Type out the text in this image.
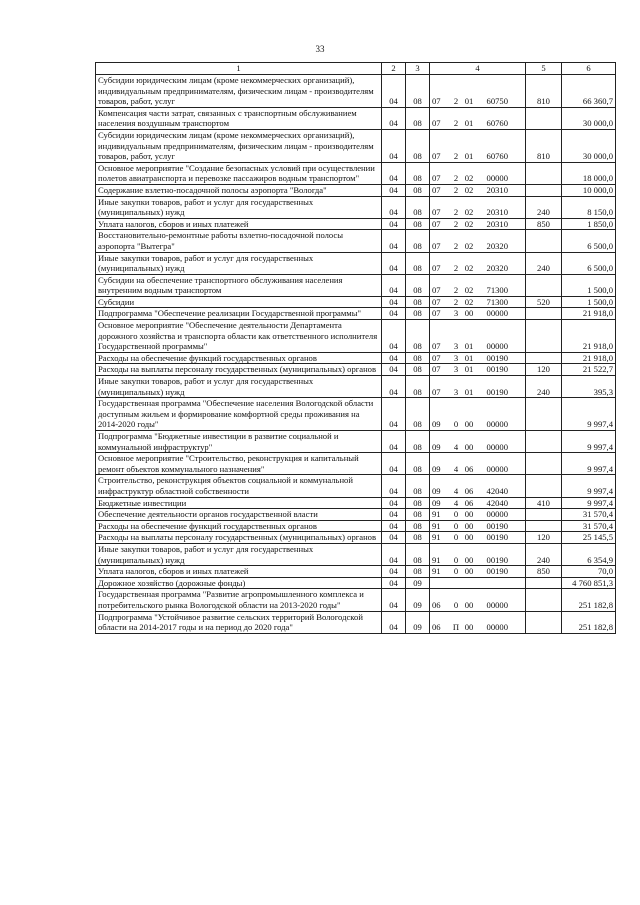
33
1	2	3	4	5	6
Субсидии юридическим лицам (кроме некоммерческих организаций), индивидуальным предпринимателям, физическим лицам - производителям товаров, работ, услуг	04	08	07 2 01 60750	810	66 360,7
Компенсация части затрат, связанных с транспортным обслуживанием населения воздушным транспортом	04	08	07 2 01 60760		30 000,0
Субсидии юридическим лицам (кроме некоммерческих организаций), индивидуальным предпринимателям, физическим лицам - производителям товаров, работ, услуг	04	08	07 2 01 60760	810	30 000,0
Основное мероприятие "Создание безопасных условий при осуществлении полетов авиатранспорта и перевозке пассажиров водным транспортом"	04	08	07 2 02 00000		18 000,0
Содержание взлетно-посадочной полосы аэропорта "Вологда"	04	08	07 2 02 20310		10 000,0
Иные закупки товаров, работ и услуг для государственных (муниципальных) нужд	04	08	07 2 02 20310	240	8 150,0
Уплата налогов, сборов и иных платежей	04	08	07 2 02 20310	850	1 850,0
Восстановительно-ремонтные работы взлетно-посадочной полосы аэропорта "Вытегра"	04	08	07 2 02 20320		6 500,0
Иные закупки товаров, работ и услуг для государственных (муниципальных) нужд	04	08	07 2 02 20320	240	6 500,0
Субсидии на обеспечение транспортного обслуживания населения внутренним водным транспортом	04	08	07 2 02 71300		1 500,0
Субсидии	04	08	07 2 02 71300	520	1 500,0
Подпрограмма "Обеспечение реализации Государственной программы"	04	08	07 3 00 00000		21 918,0
Основное мероприятие "Обеспечение деятельности Департамента дорожного хозяйства и транспорта области как ответственного исполнителя Государственной программы"	04	08	07 3 01 00000		21 918,0
Расходы на обеспечение функций государственных органов	04	08	07 3 01 00190		21 918,0
Расходы на выплаты персоналу государственных (муниципальных) органов	04	08	07 3 01 00190	120	21 522,7
Иные закупки товаров, работ и услуг для государственных (муниципальных) нужд	04	08	07 3 01 00190	240	395,3
Государственная программа "Обеспечение населения Вологодской области доступным жильем и формирование комфортной среды проживания на 2014-2020 годы"	04	08	09 0 00 00000		9 997,4
Подпрограмма "Бюджетные инвестиции в развитие социальной и коммунальной инфраструктур"	04	08	09 4 00 00000		9 997,4
Основное мероприятие "Строительство, реконструкция и капитальный ремонт объектов коммунального назначения"	04	08	09 4 06 00000		9 997,4
Строительство, реконструкция объектов социальной и коммунальной инфраструктур областной собственности	04	08	09 4 06 42040		9 997,4
Бюджетные инвестиции	04	08	09 4 06 42040	410	9 997,4
Обеспечение деятельности органов государственной власти	04	08	91 0 00 00000		31 570,4
Расходы на обеспечение функций государственных органов	04	08	91 0 00 00190		31 570,4
Расходы на выплаты персоналу государственных (муниципальных) органов	04	08	91 0 00 00190	120	25 145,5
Иные закупки товаров, работ и услуг для государственных (муниципальных) нужд	04	08	91 0 00 00190	240	6 354,9
Уплата налогов, сборов и иных платежей	04	08	91 0 00 00190	850	70,0
Дорожное хозяйство (дорожные фонды)	04	09			4 760 851,3
Государственная программа "Развитие агропромышленного комплекса и потребительского рынка Вологодской области на 2013-2020 годы"	04	09	06 0 00 00000		251 182,8
Подпрограмма "Устойчивое развитие сельских территорий Вологодской области на 2014-2017 годы и на период до 2020 года"	04	09	06 П 00 00000		251 182,8
